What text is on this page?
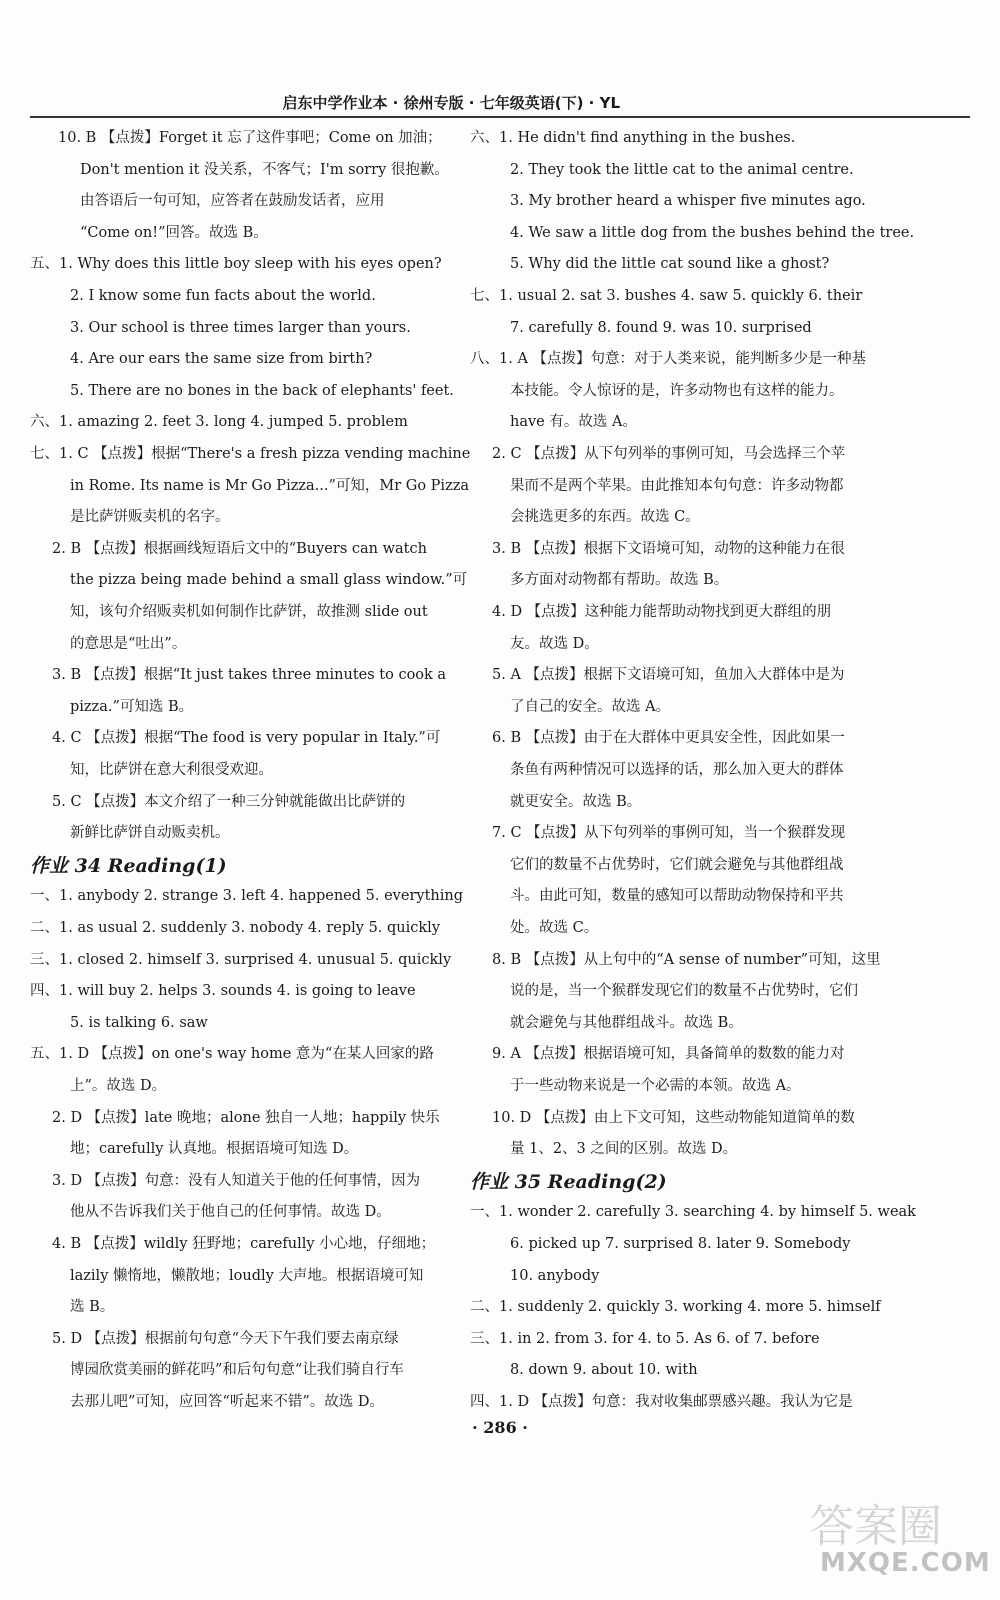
启东中学作业本 · 徐州专版 · 七年级英语(下) · YL
10. B 【点拨】Forget it 忘了这件事吧；Come on 加油；
Don't mention it 没关系，不客气；I'm sorry 很抱歉。
由答语后一句可知，应答者在鼓励发话者，应用
“Come on!”回答。故选 B。
五、1. Why does this little boy sleep with his eyes open?
2. I know some fun facts about the world.
3. Our school is three times larger than yours.
4. Are our ears the same size from birth?
5. There are no bones in the back of elephants' feet.
六、1. amazing 2. feet 3. long 4. jumped 5. problem
七、1. C 【点拨】根据“There's a fresh pizza vending machine
in Rome. Its name is Mr Go Pizza...”可知，Mr Go Pizza
是比萨饼贩卖机的名字。
2. B 【点拨】根据画线短语后文中的“Buyers can watch
the pizza being made behind a small glass window.”可
知，该句介绍贩卖机如何制作比萨饼，故推测 slide out
的意思是“吐出”。
3. B 【点拨】根据“It just takes three minutes to cook a
pizza.”可知选 B。
4. C 【点拨】根据“The food is very popular in Italy.”可
知，比萨饼在意大利很受欢迎。
5. C 【点拨】本文介绍了一种三分钟就能做出比萨饼的
新鲜比萨饼自动贩卖机。
作业 34 Reading(1)
一、1. anybody 2. strange 3. left 4. happened 5. everything
二、1. as usual 2. suddenly 3. nobody 4. reply 5. quickly
三、1. closed 2. himself 3. surprised 4. unusual 5. quickly
四、1. will buy 2. helps 3. sounds 4. is going to leave
5. is talking 6. saw
五、1. D 【点拨】on one's way home 意为“在某人回家的路
上”。故选 D。
2. D 【点拨】late 晚地；alone 独自一人地；happily 快乐
地；carefully 认真地。根据语境可知选 D。
3. D 【点拨】句意：没有人知道关于他的任何事情，因为
他从不告诉我们关于他自己的任何事情。故选 D。
4. B 【点拨】wildly 狂野地；carefully 小心地，仔细地；
lazily 懒惰地，懒散地；loudly 大声地。根据语境可知
选 B。
5. D 【点拨】根据前句句意“今天下午我们要去南京绿
博园欣赏美丽的鲜花吗”和后句句意“让我们骑自行车
去那儿吧”可知，应回答“听起来不错”。故选 D。
六、1. He didn't find anything in the bushes.
2. They took the little cat to the animal centre.
3. My brother heard a whisper five minutes ago.
4. We saw a little dog from the bushes behind the tree.
5. Why did the little cat sound like a ghost?
七、1. usual 2. sat 3. bushes 4. saw 5. quickly 6. their
7. carefully 8. found 9. was 10. surprised
八、1. A 【点拨】句意：对于人类来说，能判断多少是一种基
本技能。令人惊讶的是，许多动物也有这样的能力。
have 有。故选 A。
2. C 【点拨】从下句列举的事例可知，马会选择三个苹
果而不是两个苹果。由此推知本句句意：许多动物都
会挑选更多的东西。故选 C。
3. B 【点拨】根据下文语境可知，动物的这种能力在很
多方面对动物都有帮助。故选 B。
4. D 【点拨】这种能力能帮助动物找到更大群组的朋
友。故选 D。
5. A 【点拨】根据下文语境可知，鱼加入大群体中是为
了自己的安全。故选 A。
6. B 【点拨】由于在大群体中更具安全性，因此如果一
条鱼有两种情况可以选择的话，那么加入更大的群体
就更安全。故选 B。
7. C 【点拨】从下句列举的事例可知，当一个猴群发现
它们的数量不占优势时，它们就会避免与其他群组战
斗。由此可知，数量的感知可以帮助动物保持和平共
处。故选 C。
8. B 【点拨】从上句中的“A sense of number”可知，这里
说的是，当一个猴群发现它们的数量不占优势时，它们
就会避免与其他群组战斗。故选 B。
9. A 【点拨】根据语境可知，具备简单的数数的能力对
于一些动物来说是一个必需的本领。故选 A。
10. D 【点拨】由上下文可知，这些动物能知道简单的数
量 1、2、3 之间的区别。故选 D。
作业 35 Reading(2)
一、1. wonder 2. carefully 3. searching 4. by himself 5. weak
6. picked up 7. surprised 8. later 9. Somebody
10. anybody
二、1. suddenly 2. quickly 3. working 4. more 5. himself
三、1. in 2. from 3. for 4. to 5. As 6. of 7. before
8. down 9. about 10. with
四、1. D 【点拨】句意：我对收集邮票感兴趣。我认为它是
· 286 ·
答案圈
MXQE.COM
